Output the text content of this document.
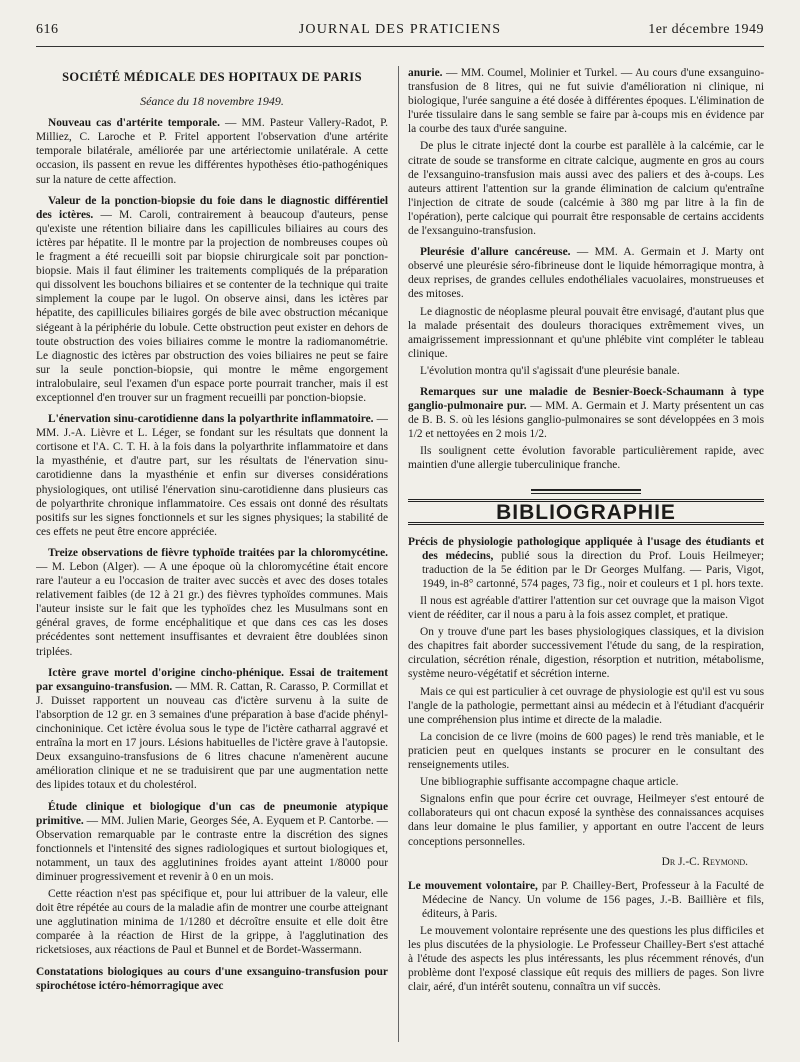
616	JOURNAL DES PRATICIENS	1er décembre 1949
SOCIÉTÉ MÉDICALE DES HOPITAUX DE PARIS
Séance du 18 novembre 1949.

Nouveau cas d'artérite temporale. — MM. Pasteur Vallery-Radot, P. Milliez, C. Laroche et P. Fritel apportent l'observation d'une artérite temporale bilatérale, améliorée par une artériectomie unilatérale. A cette occasion, ils passent en revue les différentes hypothèses étio-pathogéniques sur la nature de cette affection.

Valeur de la ponction-biopsie du foie dans le diagnostic différentiel des ictères. — M. Caroli, contrairement à beaucoup d'auteurs, pense qu'existe une rétention biliaire dans les capillicules biliaires au cours des ictères par hépatite. Il le montre par la projection de nombreuses coupes où le fragment a été recueilli soit par biopsie chirurgicale soit par ponction-biopsie. Mais il faut éliminer les traitements compliqués de la préparation qui dissolvent les bouchons biliaires et se contenter de la technique qui traite simplement la coupe par le lugol. On observe ainsi, dans les ictères par hépatite, des capillicules biliaires gorgés de bile avec obstruction mécanique siégeant à la périphérie du lobule. Cette obstruction peut exister en dehors de toute obstruction des voies biliaires comme le montre la radiomanométrie. Le diagnostic des ictères par obstruction des voies biliaires ne peut se faire sur la seule ponction-biopsie, qui montre le même engorgement intralobulaire, seul l'examen d'un espace porte pourrait trancher, mais il est exceptionnel d'en trouver sur un fragment recueilli par ponction-biopsie.

L'énervation sinu-carotidienne dans la polyarthrite inflammatoire. — MM. J.-A. Lièvre et L. Léger, se fondant sur les résultats que donnent la cortisone et l'A. C. T. H. à la fois dans la polyarthrite inflammatoire et dans la myasthénie, et d'autre part, sur les résultats de l'énervation sinu-carotidienne dans la myasthénie et enfin sur diverses considérations physiologiques, ont utilisé l'énervation sinu-carotidienne dans plusieurs cas de polyarthrite chronique inflammatoire. Ces essais ont donné des résultats positifs sur les signes fonctionnels et sur les signes physiques; la stabilité de ces effets ne peut être encore appréciée.

Treize observations de fièvre typhoïde traitées par la chloromycétine. — M. Lebon (Alger). — A une époque où la chloromycétine était encore rare l'auteur a eu l'occasion de traiter avec succès et avec des doses totales relativement faibles (de 12 à 21 gr.) des fièvres typhoïdes communes. Mais l'auteur insiste sur le fait que les typhoïdes chez les Musulmans sont en général graves, de forme encéphalitique et que dans ces cas les doses précédentes sont nettement insuffisantes et devraient être doublées sinon triplées.

Ictère grave mortel d'origine cincho-phénique. Essai de traitement par exsanguino-transfusion. — MM. R. Cattan, R. Carasso, P. Cormillat et J. Duisset rapportent un nouveau cas d'ictère survenu à la suite de l'absorption de 12 gr. en 3 semaines d'une préparation à base d'acide phényl-cinchoninique. Cet ictère évolua sous le type de l'ictère catharral aggravé et entraîna la mort en 17 jours. Lésions habituelles de l'ictère grave à l'autopsie. Deux exsanguino-transfusions de 6 litres chacune n'amenèrent aucune amélioration clinique et ne se traduisirent que par une augmentation nette des lipides totaux et du cholestérol.

Étude clinique et biologique d'un cas de pneumonie atypique primitive. — MM. Julien Marie, Georges Sée, A. Eyquem et P. Cantorbe. — Observation remarquable par le contraste entre la discrétion des signes fonctionnels et l'intensité des signes radiologiques et surtout biologiques et, notamment, un taux des agglutinines froides ayant atteint 1/8000 pour diminuer progressivement et revenir à 0 en un mois.

Cette réaction n'est pas spécifique et, pour lui attribuer de la valeur, elle doit être répétée au cours de la maladie afin de montrer une courbe atteignant une agglutination minima de 1/1280 et décroître ensuite et elle doit être comparée à la réaction de Hirst de la grippe, à l'agglutination des ricketsioses, aux réactions de Paul et Bunnel et de Bordet-Wassermann.

Constatations biologiques au cours d'une exsanguino-transfusion pour spirochétose ictéro-hémorragique avec

anurie. — MM. Coumel, Molinier et Turkel. — Au cours d'une exsanguino-transfusion de 8 litres, qui ne fut suivie d'amélioration ni clinique, ni biologique, l'urée sanguine a été dosée à différentes époques. L'élimination de l'urée tissulaire dans le sang semble se faire par à-coups mis en évidence par la courbe des taux d'urée sanguine.

De plus le citrate injecté dont la courbe est parallèle à la calcémie, car le citrate de soude se transforme en citrate calcique, augmente en gros au cours de l'exsanguino-transfusion mais aussi avec des paliers et des à-coups. Les auteurs attirent l'attention sur la grande élimination de calcium qu'entraîne l'injection de citrate de soude (calcémie à 380 mg par litre à la fin de l'opération), perte calcique qui pourrait être responsable de certains accidents de l'exsanguino-transfusion.

Pleurésie d'allure cancéreuse. — MM. A. Germain et J. Marty ont observé une pleurésie séro-fibrineuse dont le liquide hémorragique montra, à deux reprises, de grandes cellules endothéliales vacuolaires, monstrueuses et des mitoses.

Le diagnostic de néoplasme pleural pouvait être envisagé, d'autant plus que la malade présentait des douleurs thoraciques extrêmement vives, un amaigrissement impressionnant et qu'une phlébite vint compléter le tableau clinique.

L'évolution montra qu'il s'agissait d'une pleurésie banale.

Remarques sur une maladie de Besnier-Boeck-Schaumann à type ganglio-pulmonaire pur. — MM. A. Germain et J. Marty présentent un cas de B. B. S. où les lésions ganglio-pulmonaires se sont développées en 3 mois 1/2 et nettoyées en 2 mois 1/2.

Ils soulignent cette évolution favorable particulièrement rapide, avec maintien d'une allergie tuberculinique franche.

BIBLIOGRAPHIE

Précis de physiologie pathologique appliquée à l'usage des étudiants et des médecins, publié sous la direction du Prof. Louis Heilmeyer; traduction de la 5e édition par le Dr Georges Mulfang. — Paris, Vigot, 1949, in-8° cartonné, 574 pages, 73 fig., noir et couleurs et 1 pl. hors texte.

Il nous est agréable d'attirer l'attention sur cet ouvrage que la maison Vigot vient de rééditer, car il nous a paru à la fois assez complet, et pratique.

On y trouve d'une part les bases physiologiques classiques, et la division des chapitres fait aborder successivement l'étude du sang, de la respiration, circulation, sécrétion rénale, digestion, résorption et nutrition, métabolisme, système neuro-végétatif et sécrétion interne.

Mais ce qui est particulier à cet ouvrage de physiologie est qu'il est vu sous l'angle de la pathologie, permettant ainsi au médecin et à l'étudiant d'acquérir une compréhension plus intime et directe de la maladie.

La concision de ce livre (moins de 600 pages) le rend très maniable, et le praticien peut en quelques instants se procurer en le consultant des renseignements utiles.

Une bibliographie suffisante accompagne chaque article.

Signalons enfin que pour écrire cet ouvrage, Heilmeyer s'est entouré de collaborateurs qui ont chacun exposé la synthèse des connaissances acquises dans leur domaine le plus familier, y apportant en outre l'accent de leurs conceptions personnelles.

Dr J.-C. Reymond.

Le mouvement volontaire, par P. Chailley-Bert, Professeur à la Faculté de Médecine de Nancy. Un volume de 156 pages, J.-B. Baillière et fils, éditeurs, à Paris.

Le mouvement volontaire représente une des questions les plus difficiles et les plus discutées de la physiologie. Le Professeur Chailley-Bert s'est attaché à l'étude des aspects les plus intéressants, les plus récemment rénovés, d'un problème dont l'exposé classique eût requis des milliers de pages. Son livre clair, aéré, d'un intérêt soutenu, connaîtra un vif succès.
